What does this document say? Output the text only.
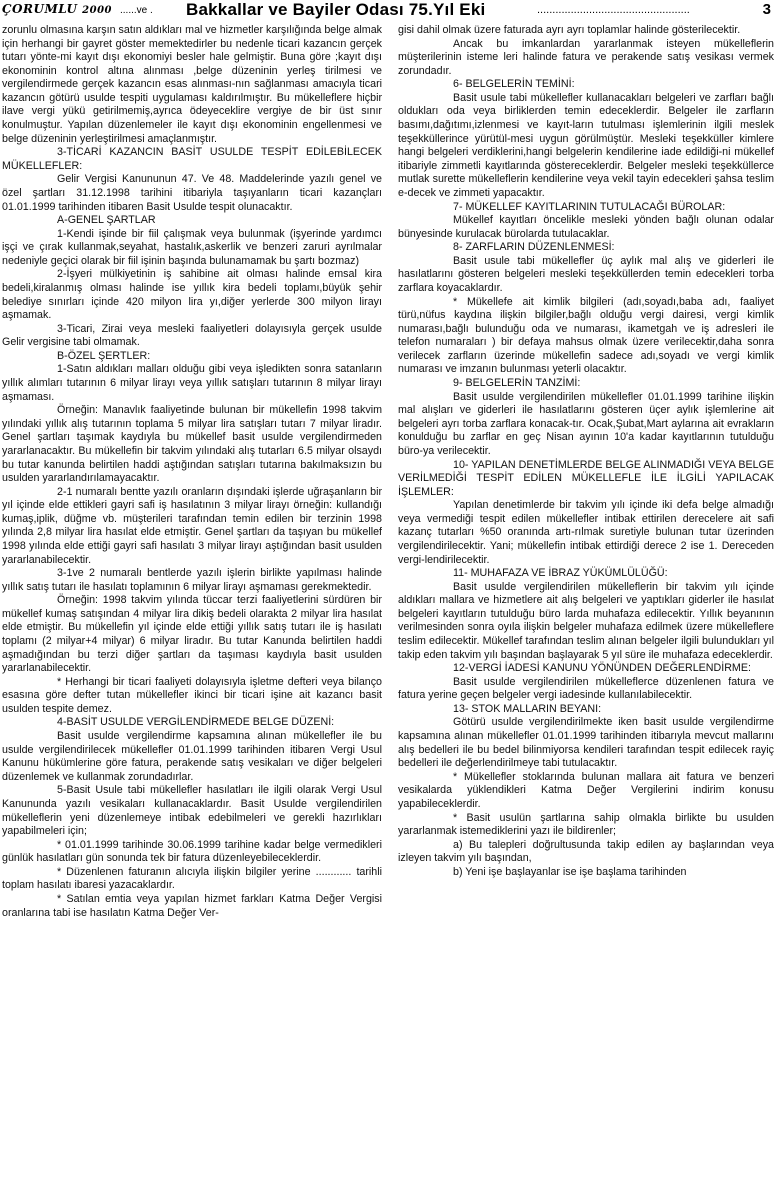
ÇORUMLU 2000 ......ve . Bakkallar ve Bayiler Odası 75.Yıl Eki	..................................................	3

zorunlu olmasına karşın satın aldıkları mal ve hizmetler karşılığında belge almak için herhangi bir gayret göster memektedirler bu nedenle ticari kazancın gerçek tutarı yönte-mi kayıt dışı ekonomiyi besler hale gelmiştir. Buna göre ;kayıt dışı ekonominin kontrol altına alınması ,belge düzeninin yerleş tirilmesi ve vergilendirmede gerçek kazancın esas alınması-nın sağlanması amacıyla ticari kazancın götürü usulde tespiti uygulaması kaldırılmıştır. Bu mükelleflere hiçbir ilave vergi yükü getirilmemiş,ayrıca ödeyeceklire vergiye de bir üst sınır konulmuştur. Yapılan düzenlemeler ile kayıt dışı ekonominin engellenmesi ve belge düzeninin yerleştirilmesi amaçlanmıştır.

3-TİCARİ KAZANCIN BASİT USULDE TESPİT EDİLEBİLECEK MÜKELLEFLER:

Gelir Vergisi Kanununun 47. Ve 48. Maddelerinde yazılı genel ve özel şartları 31.12.1998 tarihini itibariyla taşıyanların ticari kazançları 01.01.1999 tarihinden itibaren Basit Usulde tespit olunacaktır.

A-GENEL ŞARTLAR

1-Kendi işinde bir fiil çalışmak veya bulunmak (işyerinde yardımcı işçi ve çırak kullanmak,seyahat, hastalık,askerlik ve benzeri zaruri ayrılmalar nedeniyle geçici olarak bir fiil işinin başında bulunamamak bu şartı bozmaz)

2-İşyeri mülkiyetinin iş sahibine ait olması halinde emsal kira bedeli,kiralanmış olması halinde ise yıllık kira bedeli toplamı,büyük şehir belediye sınırları içinde 420 milyon lira yı,diğer yerlerde 300 milyon lirayı aşmamak.

3-Ticari, Zirai veya mesleki faaliyetleri dolayısıyla gerçek usulde Gelir vergisine tabi olmamak.

B-ÖZEL ŞERTLER:

1-Satın aldıkları malları olduğu gibi veya işledikten sonra satanların yıllık alımları tutarının 6 milyar lirayı veya yıllık satışları tutarının 8 milyar lirayı aşmaması.

Örneğin: Manavlık faaliyetinde bulunan bir mükellefin 1998 takvim yılındaki yıllık alış tutarının toplama 5 milyar lira satışları tutarı 7 milyar liradır. Genel şartları taşımak kaydıyla bu mükellef basit usulde vergilendirmeden yararlanacaktır. Bu mükellefin bir takvim yılındaki alış tutarları 6.5 milyar olsaydı bu tutar kanunda belirtilen haddi aştığından satışları tutarına bakılmaksızın bu usulden yararlandırılamayacaktır.

2-1 numaralı bentte yazılı oranların dışındaki işlerde uğraşanların bir yıl içinde elde ettikleri gayri safi iş hasılatının 3 milyar lirayı örneğin: kullandığı kumaş,iplik, düğme vb. müşterileri tarafından temin edilen bir terzinin 1998 yılında 2,8 milyar lira hasılat elde etmiştir. Genel şartları da taşıyan bu mükellef 1998 yılında elde ettiği gayri safi hasılatı 3 milyar lirayı aştığından basit usulden yararlanabilecektir.

3-1ve 2 numaralı bentlerde yazılı işlerin birlikte yapılması halinde yıllık satış tutarı ile hasılatı toplamının 6 milyar lirayı aşmaması gerekmektedir.

Örneğin: 1998 takvim yılında tüccar terzi faaliyetlerini sürdüren bir mükellef kumaş satışından 4 milyar lira dikiş bedeli olarakta 2 milyar lira hasılat elde etmiştir. Bu mükellefin yıl içinde elde ettiği yıllık satış tutarı ile iş hasılatı toplamı (2 milyar+4 milyar) 6 milyar liradır. Bu tutar Kanunda belirtilen haddi aşmadığından bu terzi diğer şartları da taşıması kaydıyla basit usulden yararlanabilecektir.

* Herhangi bir ticari faaliyeti dolayısıyla işletme defteri veya bilanço esasına göre defter tutan mükellefler ikinci bir ticari işine ait kazancı basit usulden tespite demez.

4-BASİT USULDE VERGİLENDİRMEDE BELGE DÜZENİ:

Basit usulde vergilendirme kapsamına alınan mükellefler ile bu usulde vergilendirilecek mükellefler 01.01.1999 tarihinden itibaren Vergi Usul Kanunu hükümlerine göre fatura, perakende satış vesikaları ve diğer belgeleri düzenlemek ve kullanmak zorundadırlar.

5-Basit Usule tabi mükellefler hasılatları ile ilgili olarak Vergi Usul Kanununda yazılı vesikaları kullanacaklardır. Basit Usulde vergilendirilen mükelleflerin yeni düzenlemeye intibak edebilmeleri ve gerekli hazırlıkları yapabilmeleri için;

* 01.01.1999 tarihinde 30.06.1999 tarihine kadar belge vermedikleri günlük hasılatları gün sonunda tek bir fatura düzenleyebileceklerdir.

* Düzenlenen faturanın alıcıyla ilişkin bilgiler yerine ............ tarihli toplam hasılatı ibaresi yazacaklardır.

* Satılan emtia veya yapılan hizmet farkları Katma Değer Vergisi oranlarına tabi ise hasılatın Katma Değer Ver-

gisi dahil olmak üzere faturada ayrı ayrı toplamlar halinde gösterilecektir.

Ancak bu imkanlardan yararlanmak isteyen mükelleflerin müşterilerinin isteme leri halinde fatura ve perakende satış vesikası vermek zorundadır.

6- BELGELERİN TEMİNİ:

Basit usule tabi mükellefler kullanacakları belgeleri ve zarfları bağlı oldukları oda veya birliklerden temin edeceklerdir. Belgeler ile zarfların basımı,dağıtımı,izlenmesi ve kayıt-ların tutulması işlemlerinin ilgili meslek teşekküllerince yürütül-mesi uygun görülmüştür. Mesleki teşekküller kimlere hangi belgeleri verdiklerini,hangi belgelerin kendilerine iade edildiği-ni mükellef itibariyle zimmetli kayıtlarında göstereceklerdir. Belgeler mesleki teşekküllerce mutlak surette mükelleflerin kendilerine veya vekil tayin edecekleri şahsa teslim e-decek ve zimmeti yapacaktır.

7- MÜKELLEF KAYITLARININ TUTULACAĞI BÜROLAR:

Mükellef kayıtları öncelikle mesleki yönden bağlı olunan odalar bünyesinde kurulacak bürolarda tutulacaklar.

8- ZARFLARIN DÜZENLENMESİ:

Basit usule tabi mükellefler üç aylık mal alış ve giderleri ile hasılatlarını gösteren belgeleri mesleki teşekküllerden temin edecekleri torba zarflara koyacaklardır.

* Mükellefe ait kimlik bilgileri (adı,soyadı,baba adı, faaliyet türü,nüfus kaydına ilişkin bilgiler,bağlı olduğu vergi dairesi, vergi kimlik numarası,bağlı bulunduğu oda ve numarası, ikametgah ve iş adresleri ile telefon numaraları ) bir defaya mahsus olmak üzere verilecektir,daha sonra verilecek zarfların üzerinde mükellefin sadece adı,soyadı ve vergi kimlik numarası ve imzanın bulunması yeterli olacaktır.

9- BELGELERİN TANZİMİ:

Basit usulde vergilendirilen mükellefler 01.01.1999 tarihine ilişkin mal alışları ve giderleri ile hasılatlarını gösteren üçer aylık işlemlerine ait belgeleri ayrı torba zarflara konacak-tır. Ocak,Şubat,Mart aylarına ait evrakların konulduğu bu zarflar en geç Nisan ayının 10'a kadar kayıtlarının tutulduğu büro-ya verilecektir.

10- YAPILAN DENETİMLERDE BELGE ALINMADIĞI VEYA BELGE VERİLMEDİĞİ TESPİT EDİLEN MÜKELLEFLE İLE İLGİLİ YAPILACAK İŞLEMLER:

Yapılan denetimlerde bir takvim yılı içinde iki defa belge almadığı veya vermediği tespit edilen mükellefler intibak ettirilen derecelere ait safi kazanç tutarları %50 oranında artı-rılmak suretiyle bulunan tutar üzerinden vergilendirilecektir. Yani; mükellefin intibak ettirdiği derece 2 ise 1. Dereceden vergi-lendirilecektir.

11- MUHAFAZA VE İBRAZ YÜKÜMLÜLÜĞÜ:

Basit usulde vergilendirilen mükelleflerin bir takvim yılı içinde aldıkları mallara ve hizmetlere ait alış belgeleri ve yaptıkları giderler ile hasılat belgeleri kayıtların tutulduğu büro larda muhafaza edilecektir. Yıllık beyanının verilmesinden sonra oyıla ilişkin belgeler muhafaza edilmek üzere mükelleflere teslim edilecektir. Mükellef tarafından teslim alınan belgeler ilgili bulundukları yıl takip eden takvim yılı başından başlayarak 5 yıl süre ile muhafaza edeceklerdir.

12-VERGİ İADESİ KANUNU YÖNÜNDEN DEĞERLENDİRME:

Basit usulde vergilendirilen mükelleflerce düzenlenen fatura ve fatura yerine geçen belgeler vergi iadesinde kullanılabilecektir.

13- STOK MALLARIN BEYANI:

Götürü usulde vergilendirilmekte iken basit usulde vergilendirme kapsamına alınan mükellefler 01.01.1999 tarihinden itibarıyla mevcut mallarını alış bedelleri ile bu bedel bilinmiyorsa kendileri tarafından tespit edilecek rayiç bedelleri ile değerlendirilmeye tabi tutulacaktır.

* Mükellefler stoklarında bulunan mallara ait fatura ve benzeri vesikalarda yüklendikleri Katma Değer Vergilerini indirim konusu yapabileceklerdir.

* Basit usulün şartlarına sahip olmakla birlikte bu usulden yararlanmak istemediklerini yazı ile bildirenler;

a) Bu talepleri doğrultusunda takip edilen ay başlarından veya izleyen takvim yılı başından,

b) Yeni işe başlayanlar ise işe başlama tarihinden
